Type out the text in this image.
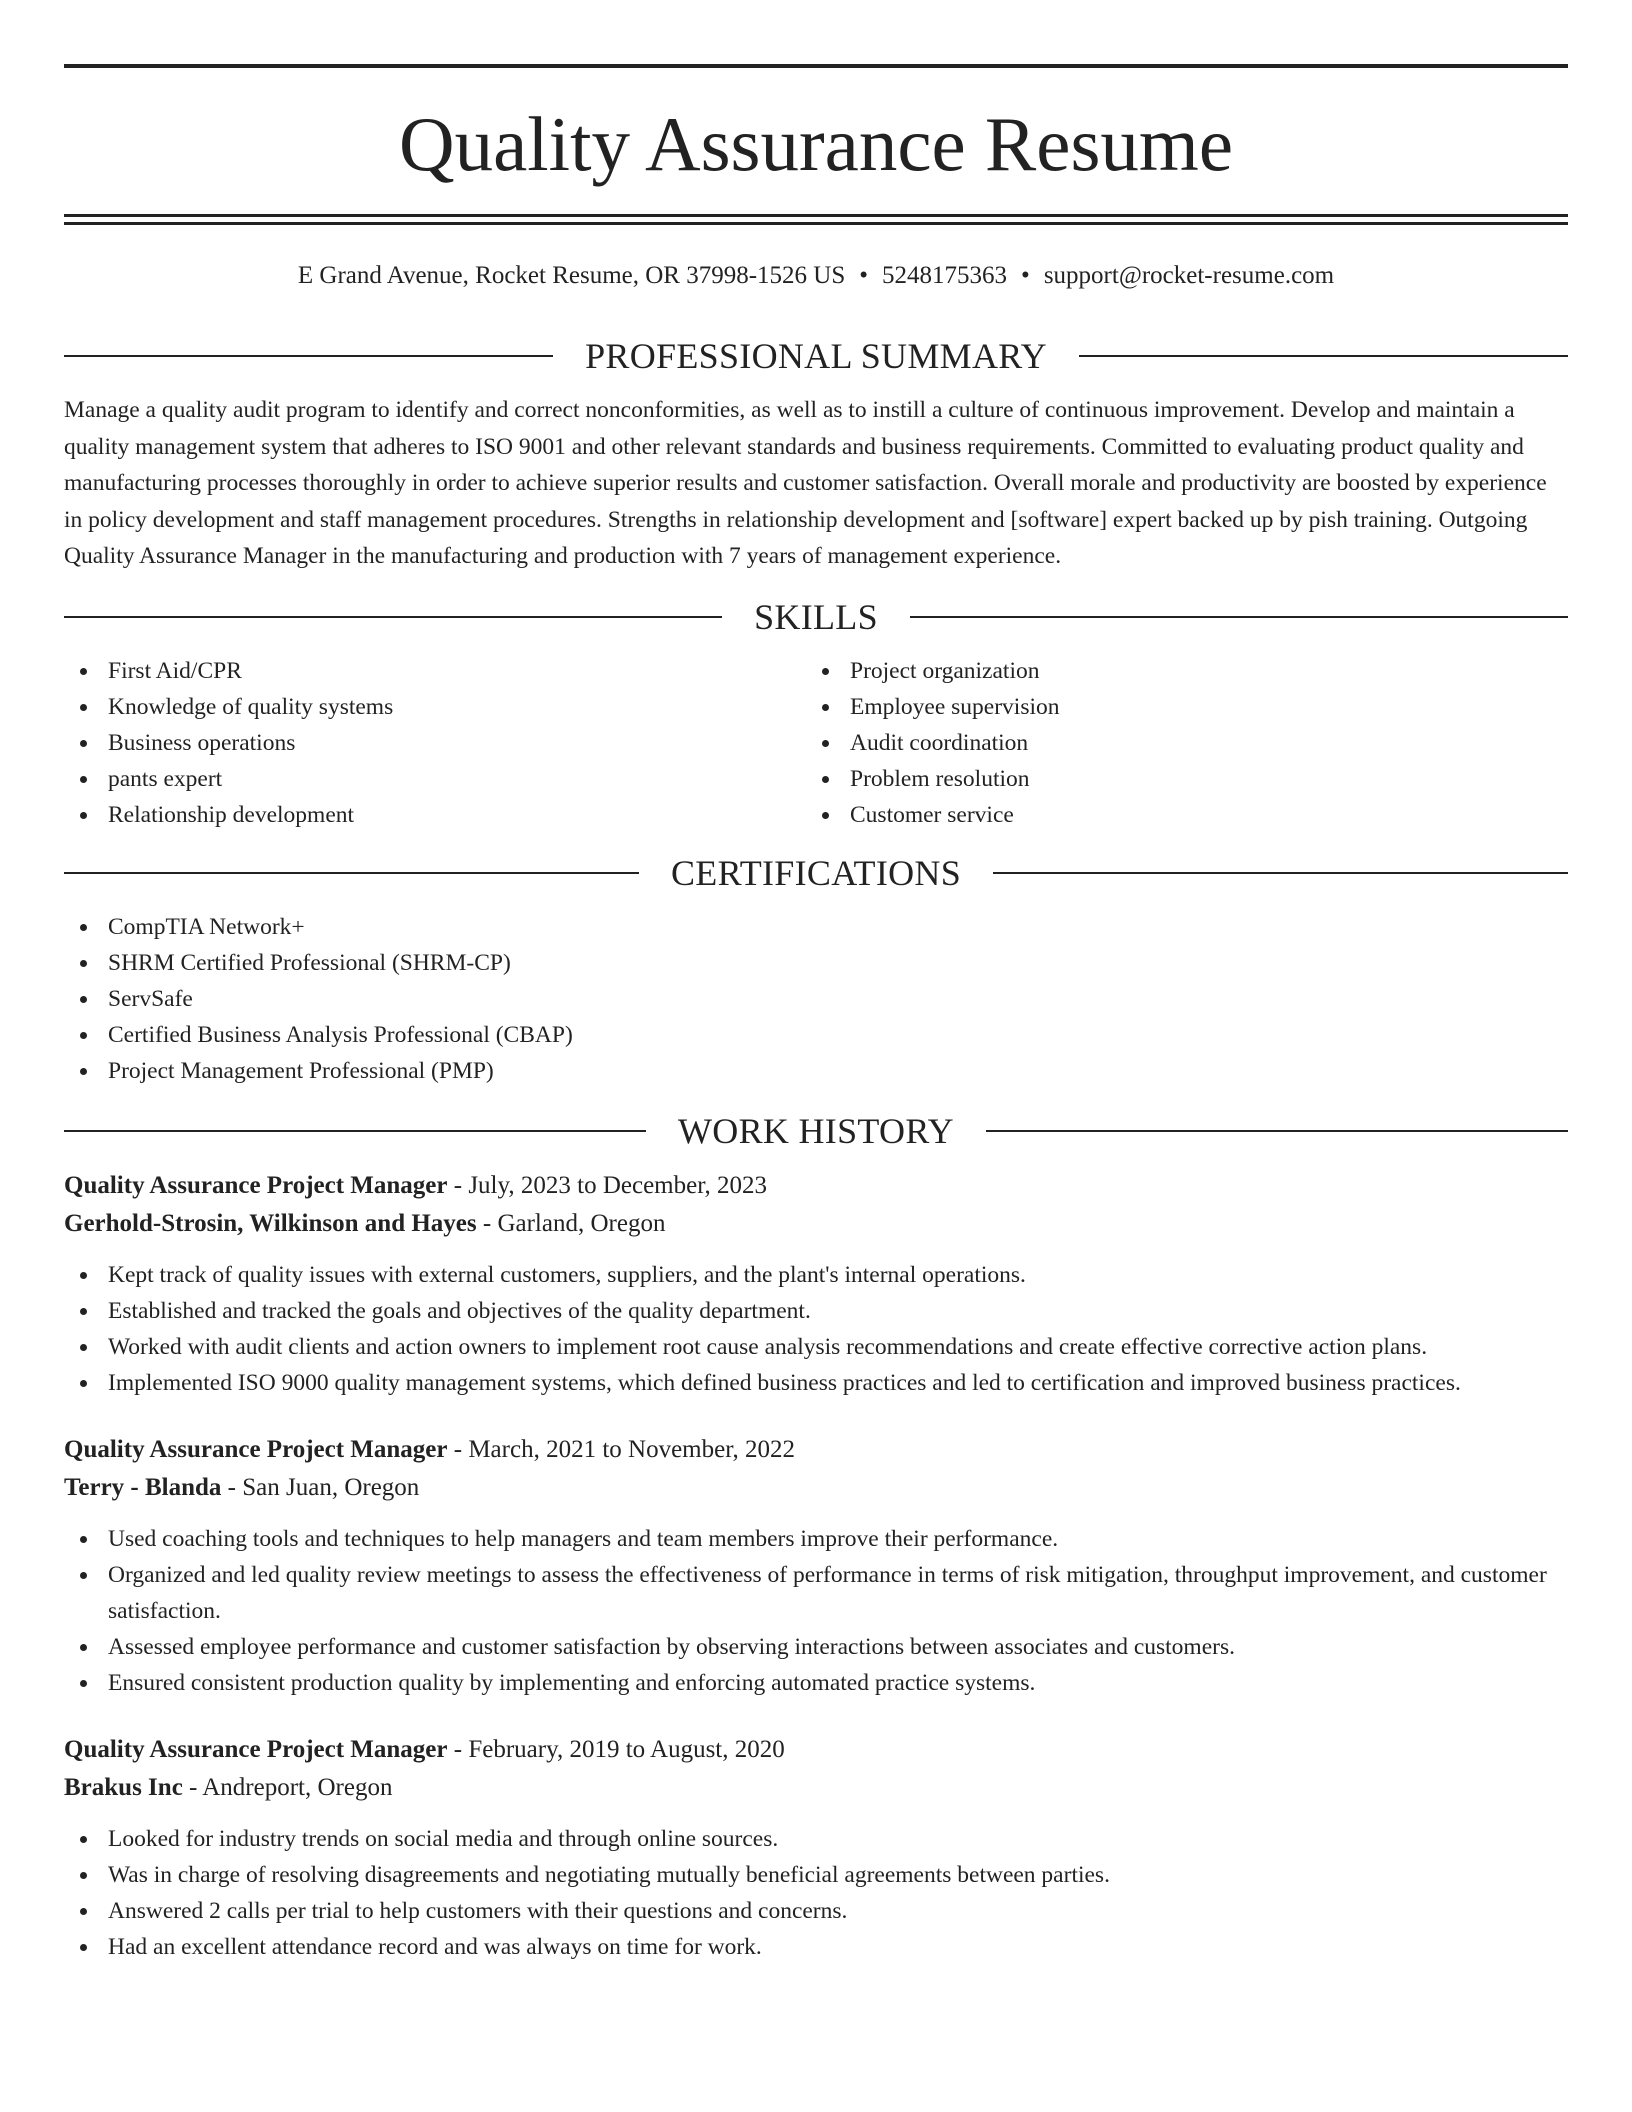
Quality Assurance Resume
E Grand Avenue, Rocket Resume, OR 37998-1526 US • 5248175363 • support@rocket-resume.com
PROFESSIONAL SUMMARY

Manage a quality audit program to identify and correct nonconformities, as well as to instill a culture of continuous improvement. Develop and maintain a quality management system that adheres to ISO 9001 and other relevant standards and business requirements. Committed to evaluating product quality and manufacturing processes thoroughly in order to achieve superior results and customer satisfaction. Overall morale and productivity are boosted by experience in policy development and staff management procedures. Strengths in relationship development and [software] expert backed up by pish training. Outgoing Quality Assurance Manager in the manufacturing and production with 7 years of management experience.

SKILLS
First Aid/CPR
Knowledge of quality systems
Business operations
pants expert
Relationship development
Project organization
Employee supervision
Audit coordination
Problem resolution
Customer service
CERTIFICATIONS
CompTIA Network+
SHRM Certified Professional (SHRM-CP)
ServSafe
Certified Business Analysis Professional (CBAP)
Project Management Professional (PMP)
WORK HISTORY
Quality Assurance Project Manager - July, 2023 to December, 2023
Gerhold-Strosin, Wilkinson and Hayes - Garland, Oregon
Kept track of quality issues with external customers, suppliers, and the plant's internal operations.
Established and tracked the goals and objectives of the quality department.
Worked with audit clients and action owners to implement root cause analysis recommendations and create effective corrective action plans.
Implemented ISO 9000 quality management systems, which defined business practices and led to certification and improved business practices.
Quality Assurance Project Manager - March, 2021 to November, 2022
Terry - Blanda - San Juan, Oregon
Used coaching tools and techniques to help managers and team members improve their performance.
Organized and led quality review meetings to assess the effectiveness of performance in terms of risk mitigation, throughput improvement, and customer satisfaction.
Assessed employee performance and customer satisfaction by observing interactions between associates and customers.
Ensured consistent production quality by implementing and enforcing automated practice systems.
Quality Assurance Project Manager - February, 2019 to August, 2020
Brakus Inc - Andreport, Oregon
Looked for industry trends on social media and through online sources.
Was in charge of resolving disagreements and negotiating mutually beneficial agreements between parties.
Answered 2 calls per trial to help customers with their questions and concerns.
Had an excellent attendance record and was always on time for work.
